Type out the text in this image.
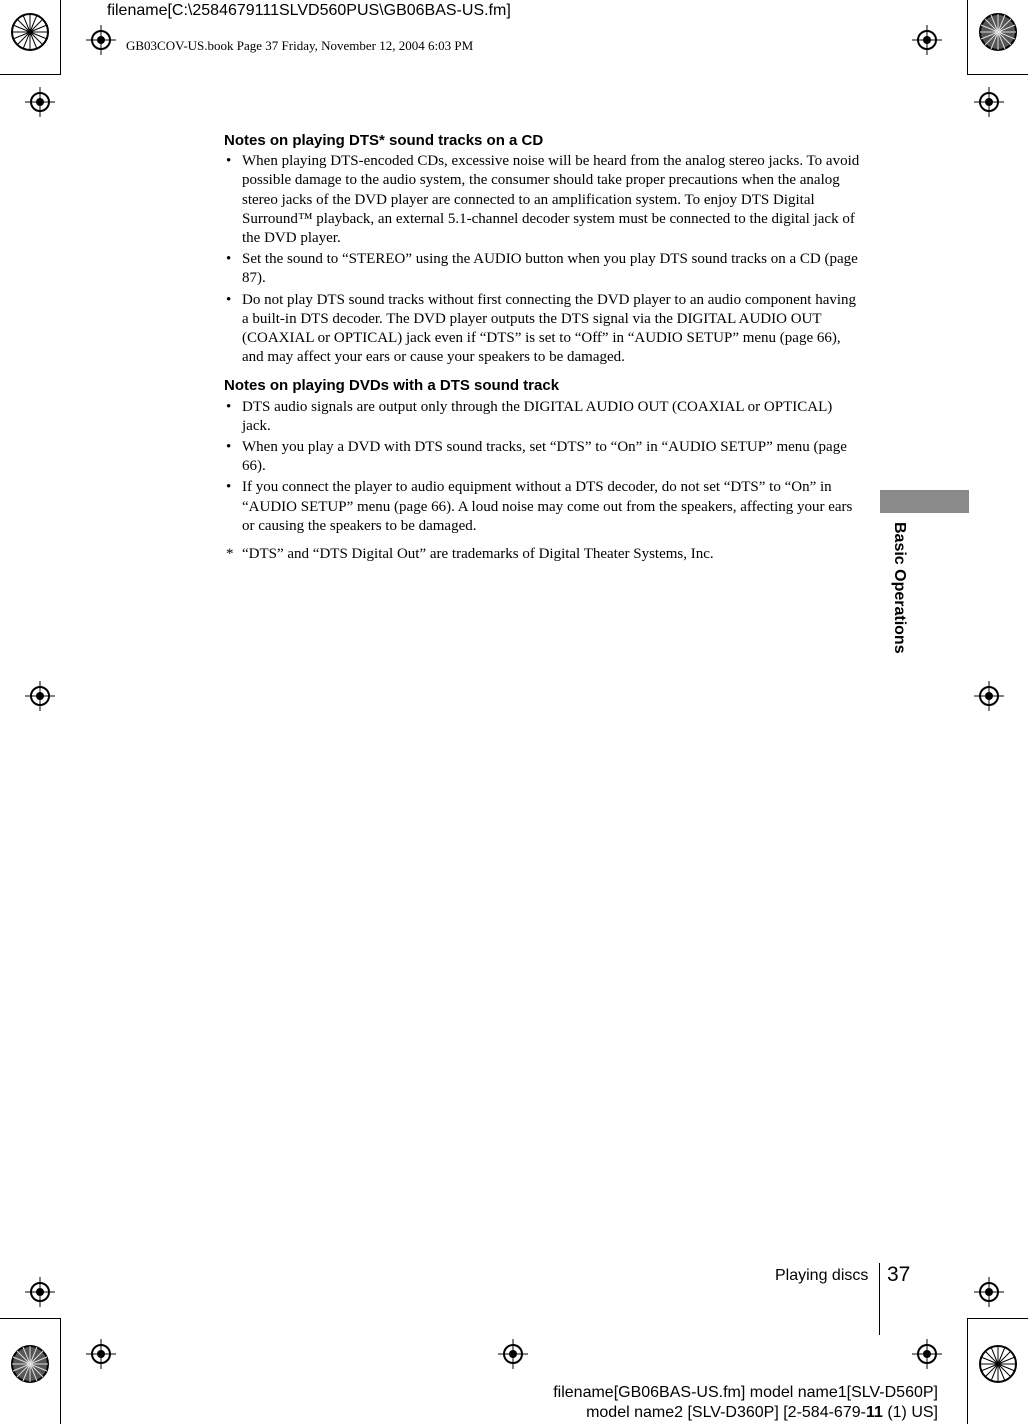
filename[C:\2584679111SLVD560PUS\GB06BAS-US.fm]
GB03COV-US.book Page 37 Friday, November 12, 2004 6:03 PM
Notes on playing DTS* sound tracks on a CD
• When playing DTS-encoded CDs, excessive noise will be heard from the analog stereo jacks. To avoid possible damage to the audio system, the consumer should take proper precautions when the analog stereo jacks of the DVD player are connected to an amplification system. To enjoy DTS Digital Surround™ playback, an external 5.1-channel decoder system must be connected to the digital jack of the DVD player.
• Set the sound to “STEREO” using the AUDIO button when you play DTS sound tracks on a CD (page 87).
• Do not play DTS sound tracks without first connecting the DVD player to an audio component having a built-in DTS decoder. The DVD player outputs the DTS signal via the DIGITAL AUDIO OUT (COAXIAL or OPTICAL) jack even if “DTS” is set to “Off” in “AUDIO SETUP” menu (page 66), and may affect your ears or cause your speakers to be damaged.
Notes on playing DVDs with a DTS sound track
• DTS audio signals are output only through the DIGITAL AUDIO OUT (COAXIAL or OPTICAL) jack.
• When you play a DVD with DTS sound tracks, set “DTS” to “On” in “AUDIO SETUP” menu (page 66).
• If you connect the player to audio equipment without a DTS decoder, do not set “DTS” to “On” in “AUDIO SETUP” menu (page 66). A loud noise may come out from the speakers, affecting your ears or causing the speakers to be damaged.
* “DTS” and “DTS Digital Out” are trademarks of Digital Theater Systems, Inc.	Basic Operations
Playing discs 37
filename[GB06BAS-US.fm] model name1[SLV-D560P]
model name2 [SLV-D360P] [2-584-679-11 (1) US]
